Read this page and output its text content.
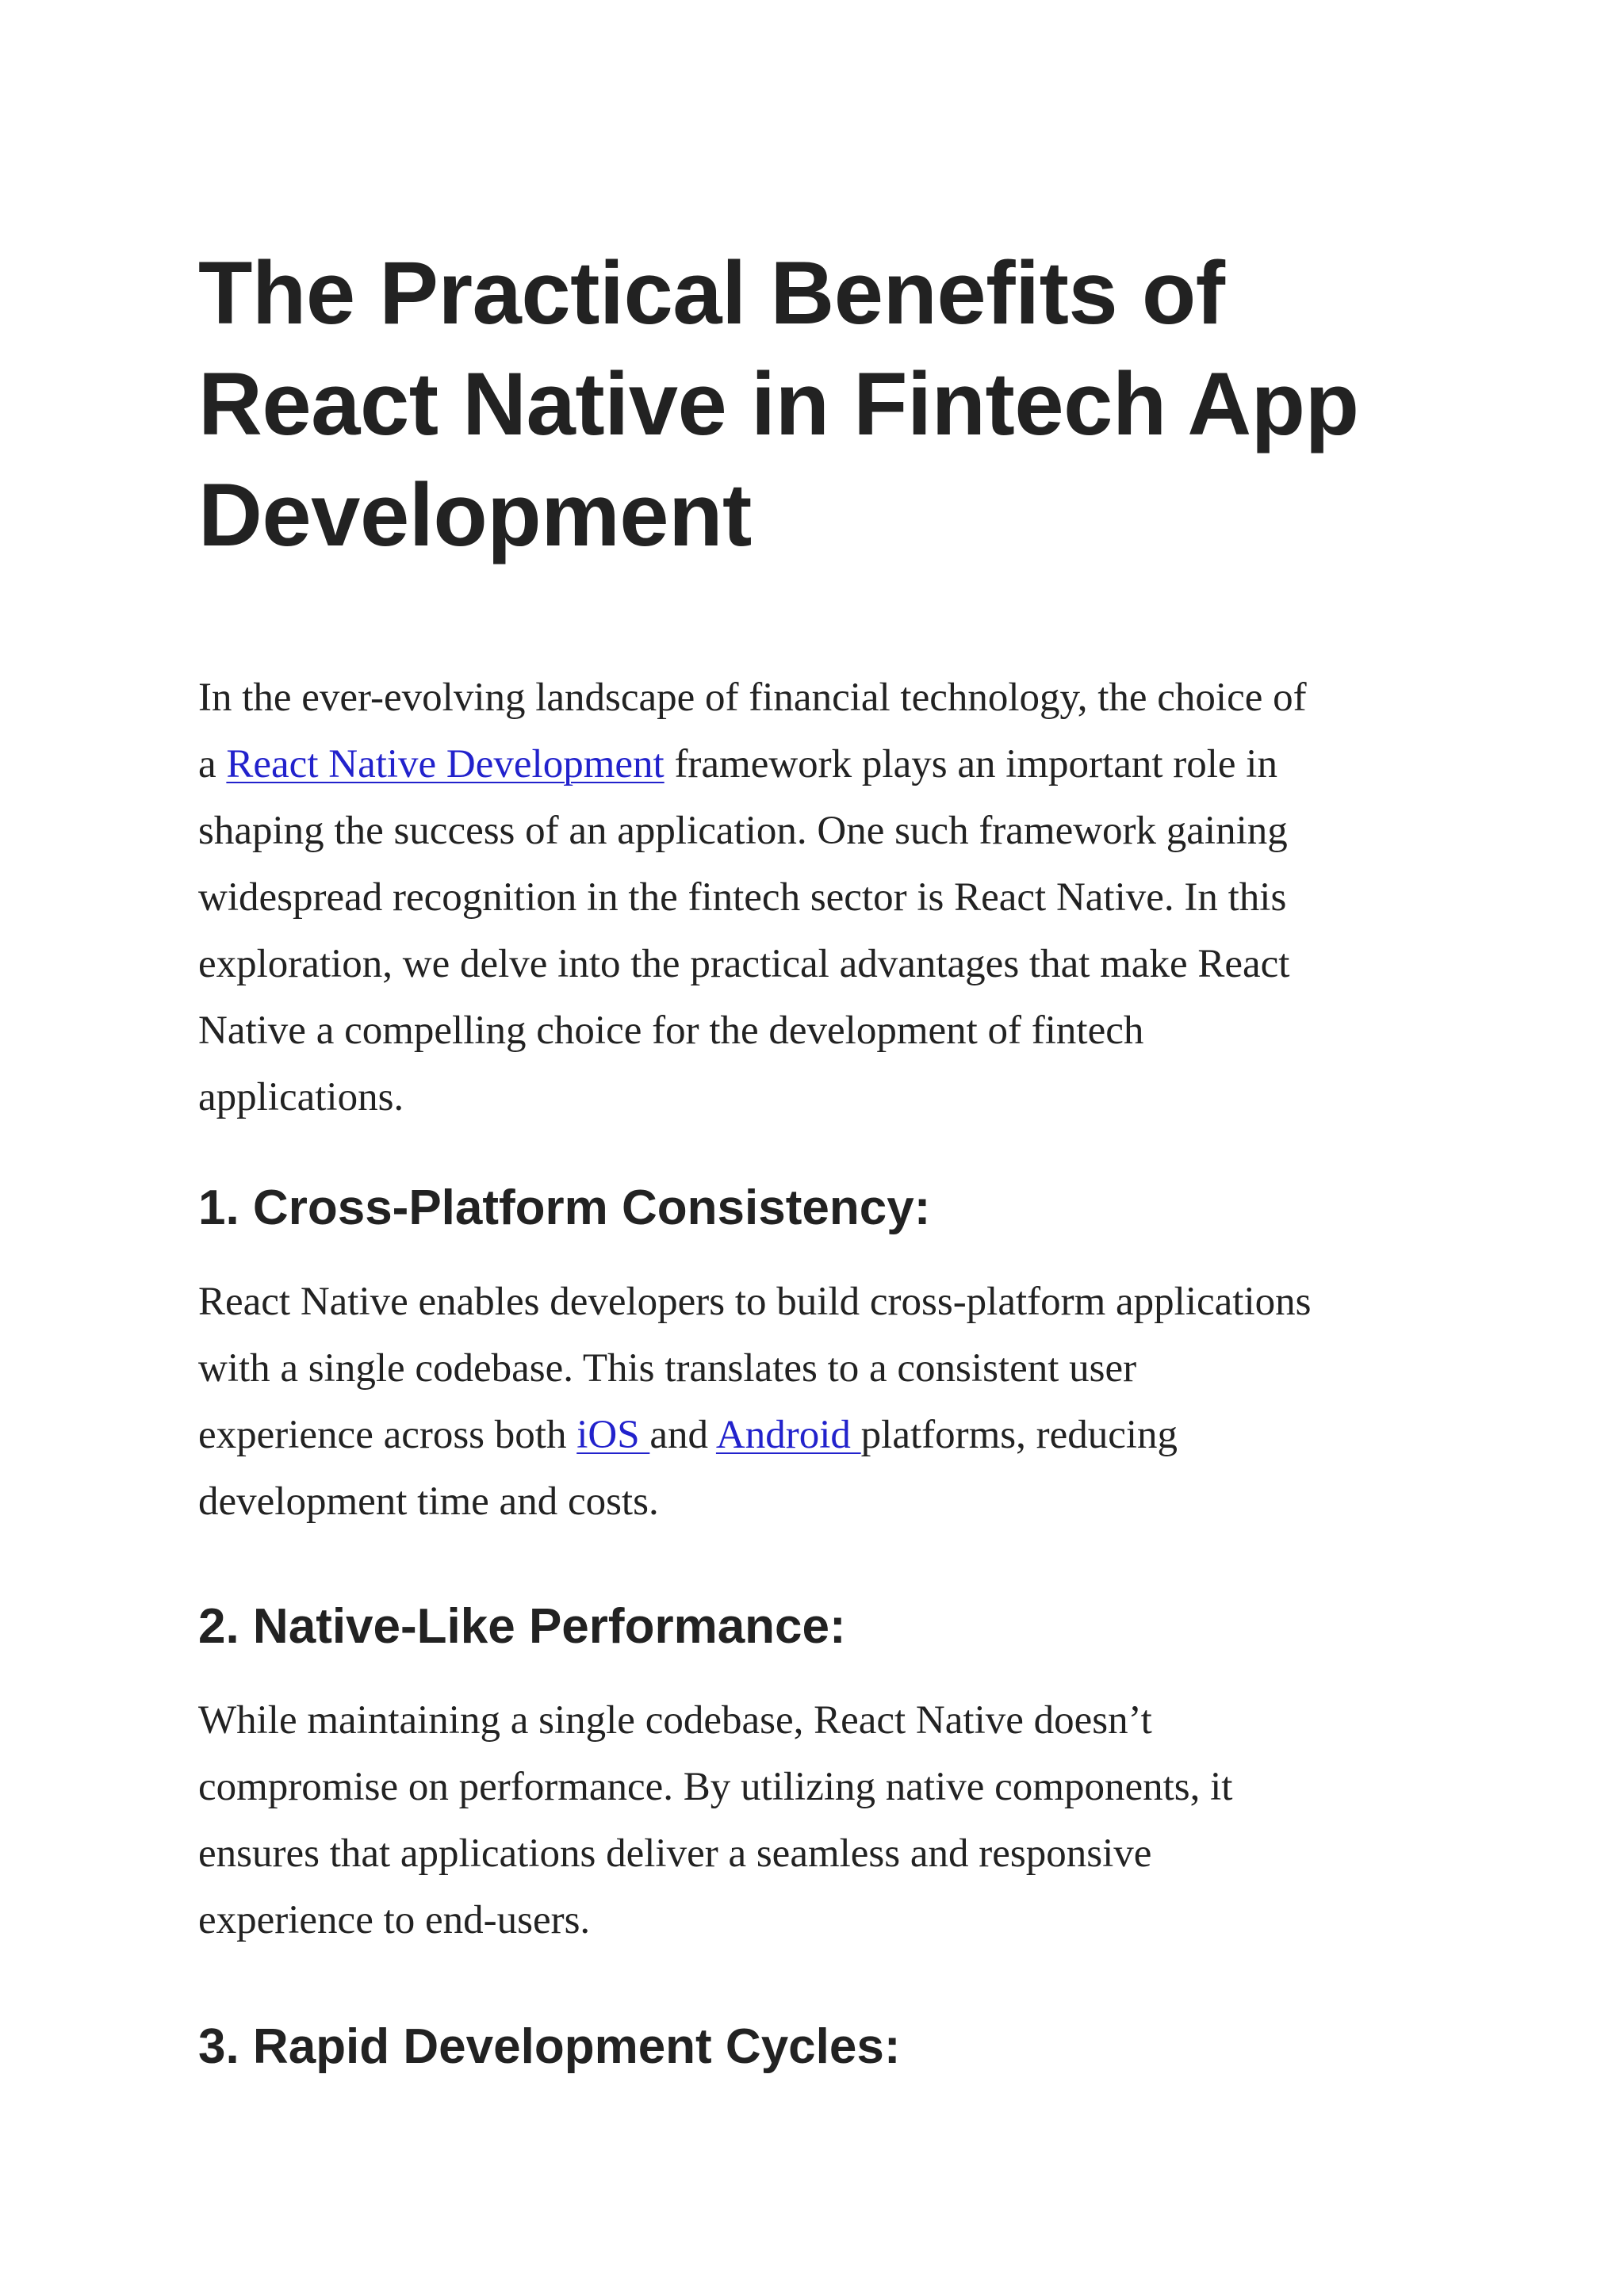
The Practical Benefits of
React Native in Fintech App
Development

In the ever-evolving landscape of financial technology, the choice of
a React Native Development framework plays an important role in
shaping the success of an application. One such framework gaining
widespread recognition in the fintech sector is React Native. In this
exploration, we delve into the practical advantages that make React
Native a compelling choice for the development of fintech
applications.

1. Cross-Platform Consistency:

React Native enables developers to build cross-platform applications
with a single codebase. This translates to a consistent user
experience across both iOS and Android platforms, reducing
development time and costs.

2. Native-Like Performance:

While maintaining a single codebase, React Native doesn’t
compromise on performance. By utilizing native components, it
ensures that applications deliver a seamless and responsive
experience to end-users.

3. Rapid Development Cycles:
